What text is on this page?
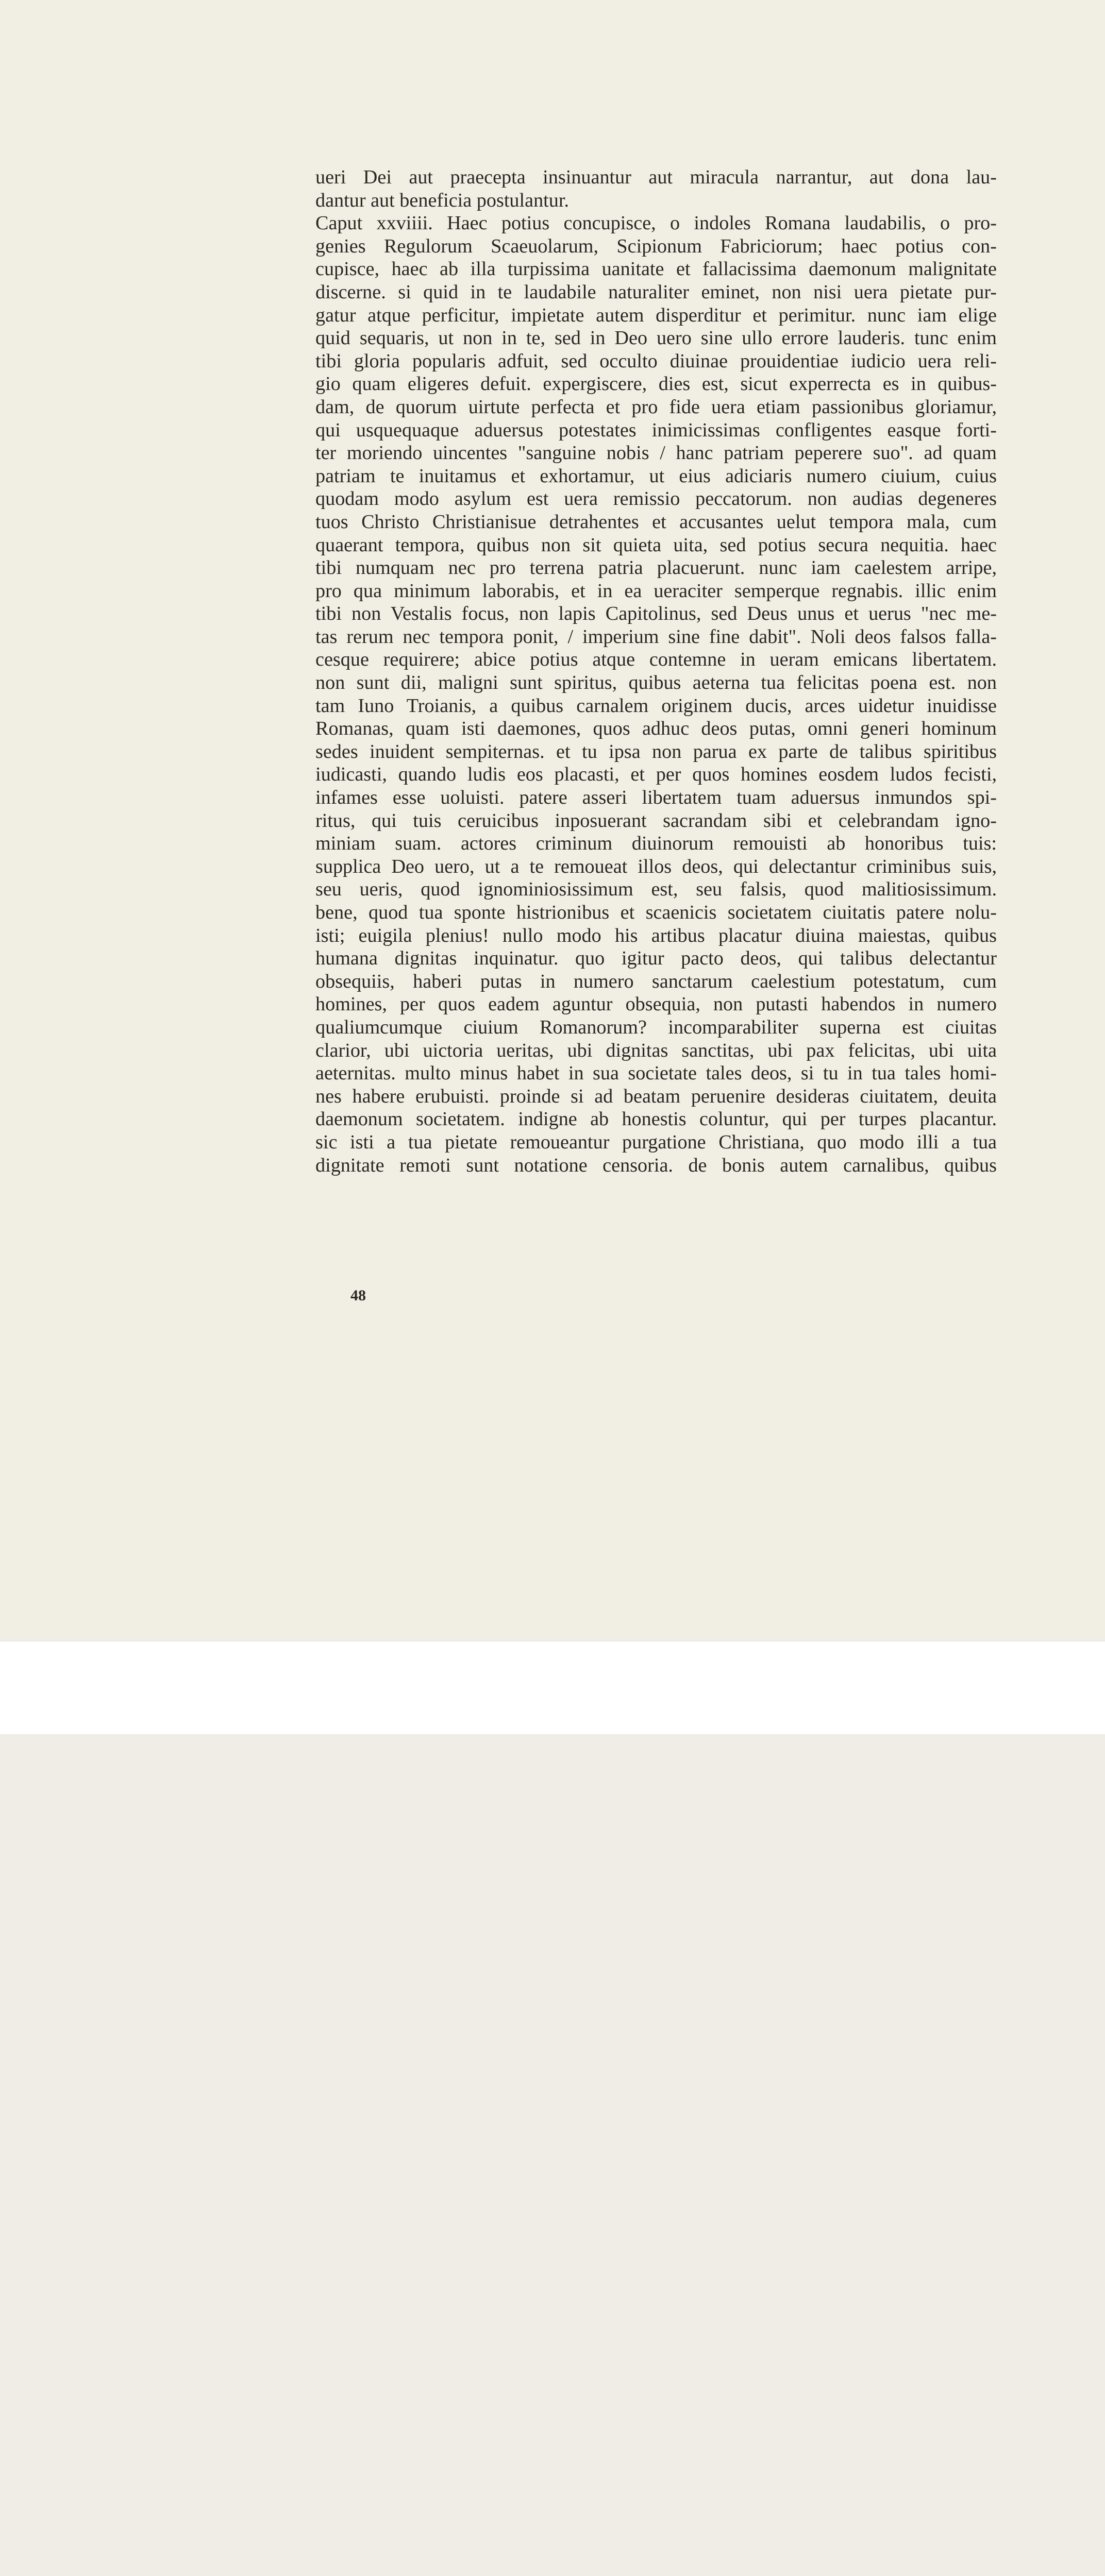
ueri Dei aut praecepta insinuantur aut miracula narrantur, aut dona lau-
dantur aut beneficia postulantur.
Caput xxviiii. Haec potius concupisce, o indoles Romana laudabilis, o pro-
genies Regulorum Scaeuolarum, Scipionum Fabriciorum; haec potius con-
cupisce, haec ab illa turpissima uanitate et fallacissima daemonum malignitate
discerne. si quid in te laudabile naturaliter eminet, non nisi uera pietate pur-
gatur atque perficitur, impietate autem disperditur et perimitur. nunc iam elige
quid sequaris, ut non in te, sed in Deo uero sine ullo errore lauderis. tunc enim
tibi gloria popularis adfuit, sed occulto diuinae prouidentiae iudicio uera reli-
gio quam eligeres defuit. expergiscere, dies est, sicut experrecta es in quibus-
dam, de quorum uirtute perfecta et pro fide uera etiam passionibus gloriamur,
qui usquequaque aduersus potestates inimicissimas confligentes easque forti-
ter moriendo uincentes "sanguine nobis / hanc patriam peperere suo". ad quam
patriam te inuitamus et exhortamur, ut eius adiciaris numero ciuium, cuius
quodam modo asylum est uera remissio peccatorum. non audias degeneres
tuos Christo Christianisue detrahentes et accusantes uelut tempora mala, cum
quaerant tempora, quibus non sit quieta uita, sed potius secura nequitia. haec
tibi numquam nec pro terrena patria placuerunt. nunc iam caelestem arripe,
pro qua minimum laborabis, et in ea ueraciter semperque regnabis. illic enim
tibi non Vestalis focus, non lapis Capitolinus, sed Deus unus et uerus "nec me-
tas rerum nec tempora ponit, / imperium sine fine dabit". Noli deos falsos falla-
cesque requirere; abice potius atque contemne in ueram emicans libertatem.
non sunt dii, maligni sunt spiritus, quibus aeterna tua felicitas poena est. non
tam Iuno Troianis, a quibus carnalem originem ducis, arces uidetur inuidisse
Romanas, quam isti daemones, quos adhuc deos putas, omni generi hominum
sedes inuident sempiternas. et tu ipsa non parua ex parte de talibus spiritibus
iudicasti, quando ludis eos placasti, et per quos homines eosdem ludos fecisti,
infames esse uoluisti. patere asseri libertatem tuam aduersus inmundos spi-
ritus, qui tuis ceruicibus inposuerant sacrandam sibi et celebrandam igno-
miniam suam. actores criminum diuinorum remouisti ab honoribus tuis:
supplica Deo uero, ut a te remoueat illos deos, qui delectantur criminibus suis,
seu ueris, quod ignominiosissimum est, seu falsis, quod malitiosissimum.
bene, quod tua sponte histrionibus et scaenicis societatem ciuitatis patere nolu-
isti; euigila plenius! nullo modo his artibus placatur diuina maiestas, quibus
humana dignitas inquinatur. quo igitur pacto deos, qui talibus delectantur
obsequiis, haberi putas in numero sanctarum caelestium potestatum, cum
homines, per quos eadem aguntur obsequia, non putasti habendos in numero
qualiumcumque ciuium Romanorum? incomparabiliter superna est ciuitas
clarior, ubi uictoria ueritas, ubi dignitas sanctitas, ubi pax felicitas, ubi uita
aeternitas. multo minus habet in sua societate tales deos, si tu in tua tales homi-
nes habere erubuisti. proinde si ad beatam peruenire desideras ciuitatem, deuita
daemonum societatem. indigne ab honestis coluntur, qui per turpes placantur.
sic isti a tua pietate remoueantur purgatione Christiana, quo modo illi a tua
dignitate remoti sunt notatione censoria. de bonis autem carnalibus, quibus
48
